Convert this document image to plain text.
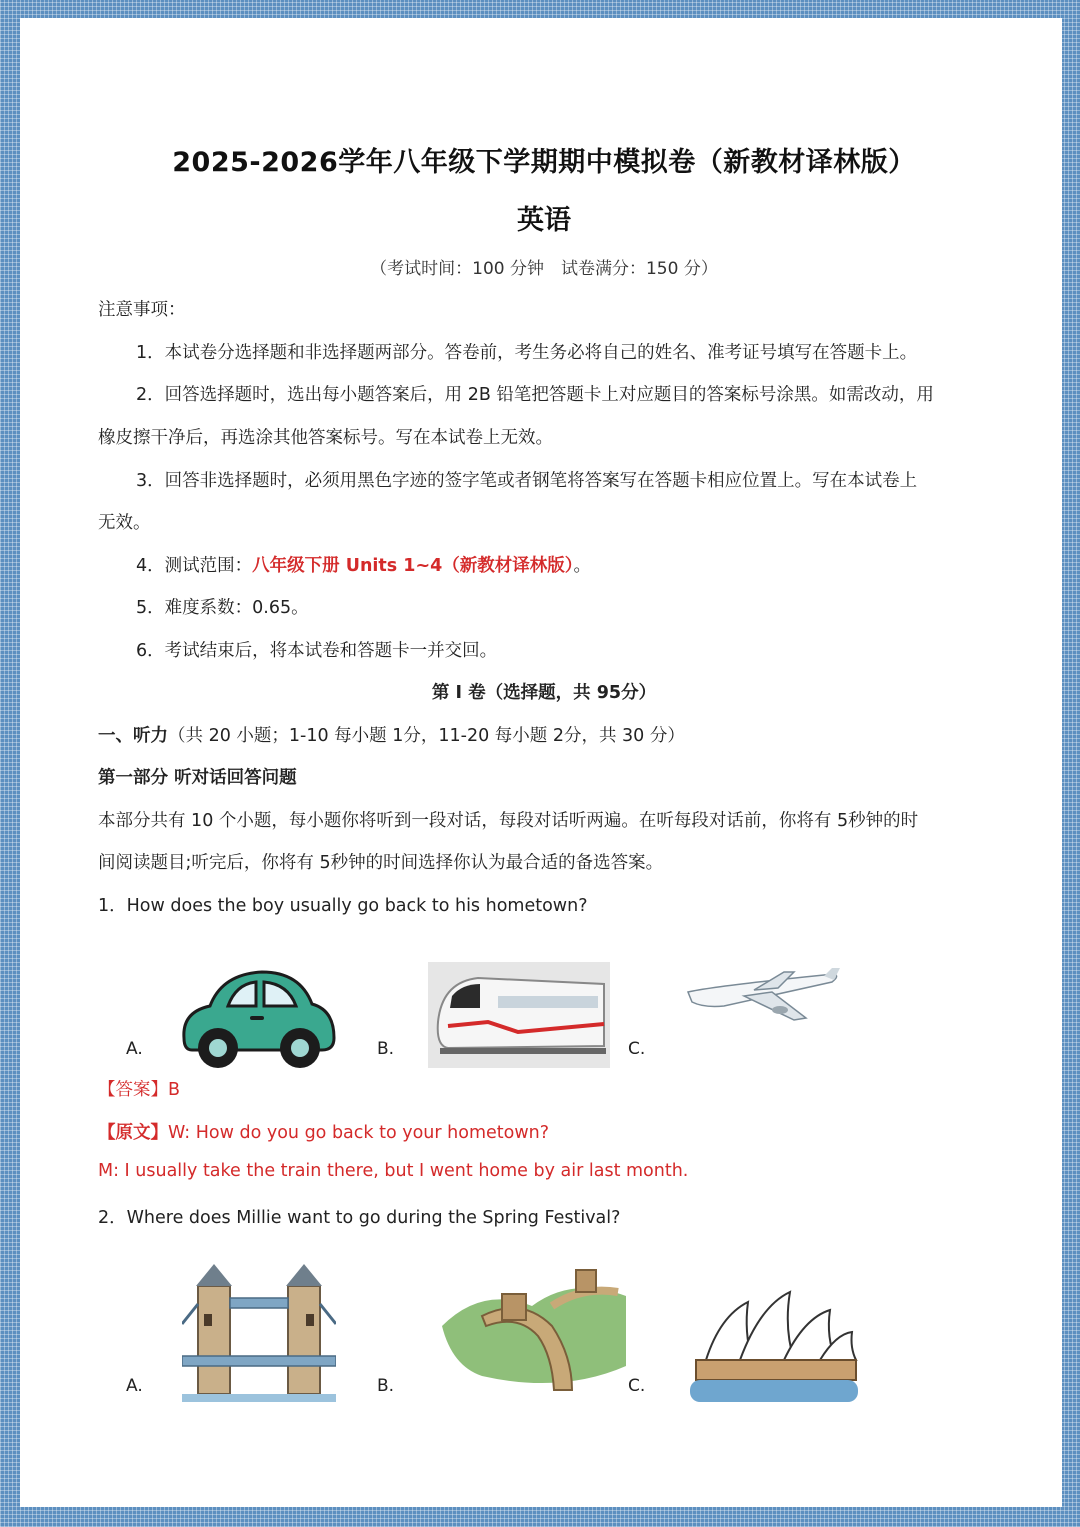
2025-2026学年八年级下学期期中模拟卷（新教材译林版）
英语
（考试时间：100 分钟　试卷满分：150 分）
注意事项：
1．本试卷分选择题和非选择题两部分。答卷前，考生务必将自己的姓名、准考证号填写在答题卡上。
2．回答选择题时，选出每小题答案后，用 2B 铅笔把答题卡上对应题目的答案标号涂黑。如需改动，用
橡皮擦干净后，再选涂其他答案标号。写在本试卷上无效。
3．回答非选择题时，必须用黑色字迹的签字笔或者钢笔将答案写在答题卡相应位置上。写在本试卷上
无效。
4．测试范围：八年级下册 Units 1~4（新教材译林版）。
5．难度系数：0.65。
6．考试结束后，将本试卷和答题卡一并交回。
第 I 卷（选择题，共 95分）
一、听力（共 20 小题；1-10 每小题 1分，11-20 每小题 2分，共 30 分）
第一部分 听对话回答问题
本部分共有 10 个小题，每小题你将听到一段对话，每段对话听两遍。在听每段对话前，你将有 5秒钟的时
间阅读题目;听完后，你将有 5秒钟的时间选择你认为最合适的备选答案。
1．How does the boy usually go back to his hometown?
A.	B.	C.
【答案】B
【原文】W: How do you go back to your hometown?
M: I usually take the train there, but I went home by air last month.
2．Where does Millie want to go during the Spring Festival?
A.	B.	C.
